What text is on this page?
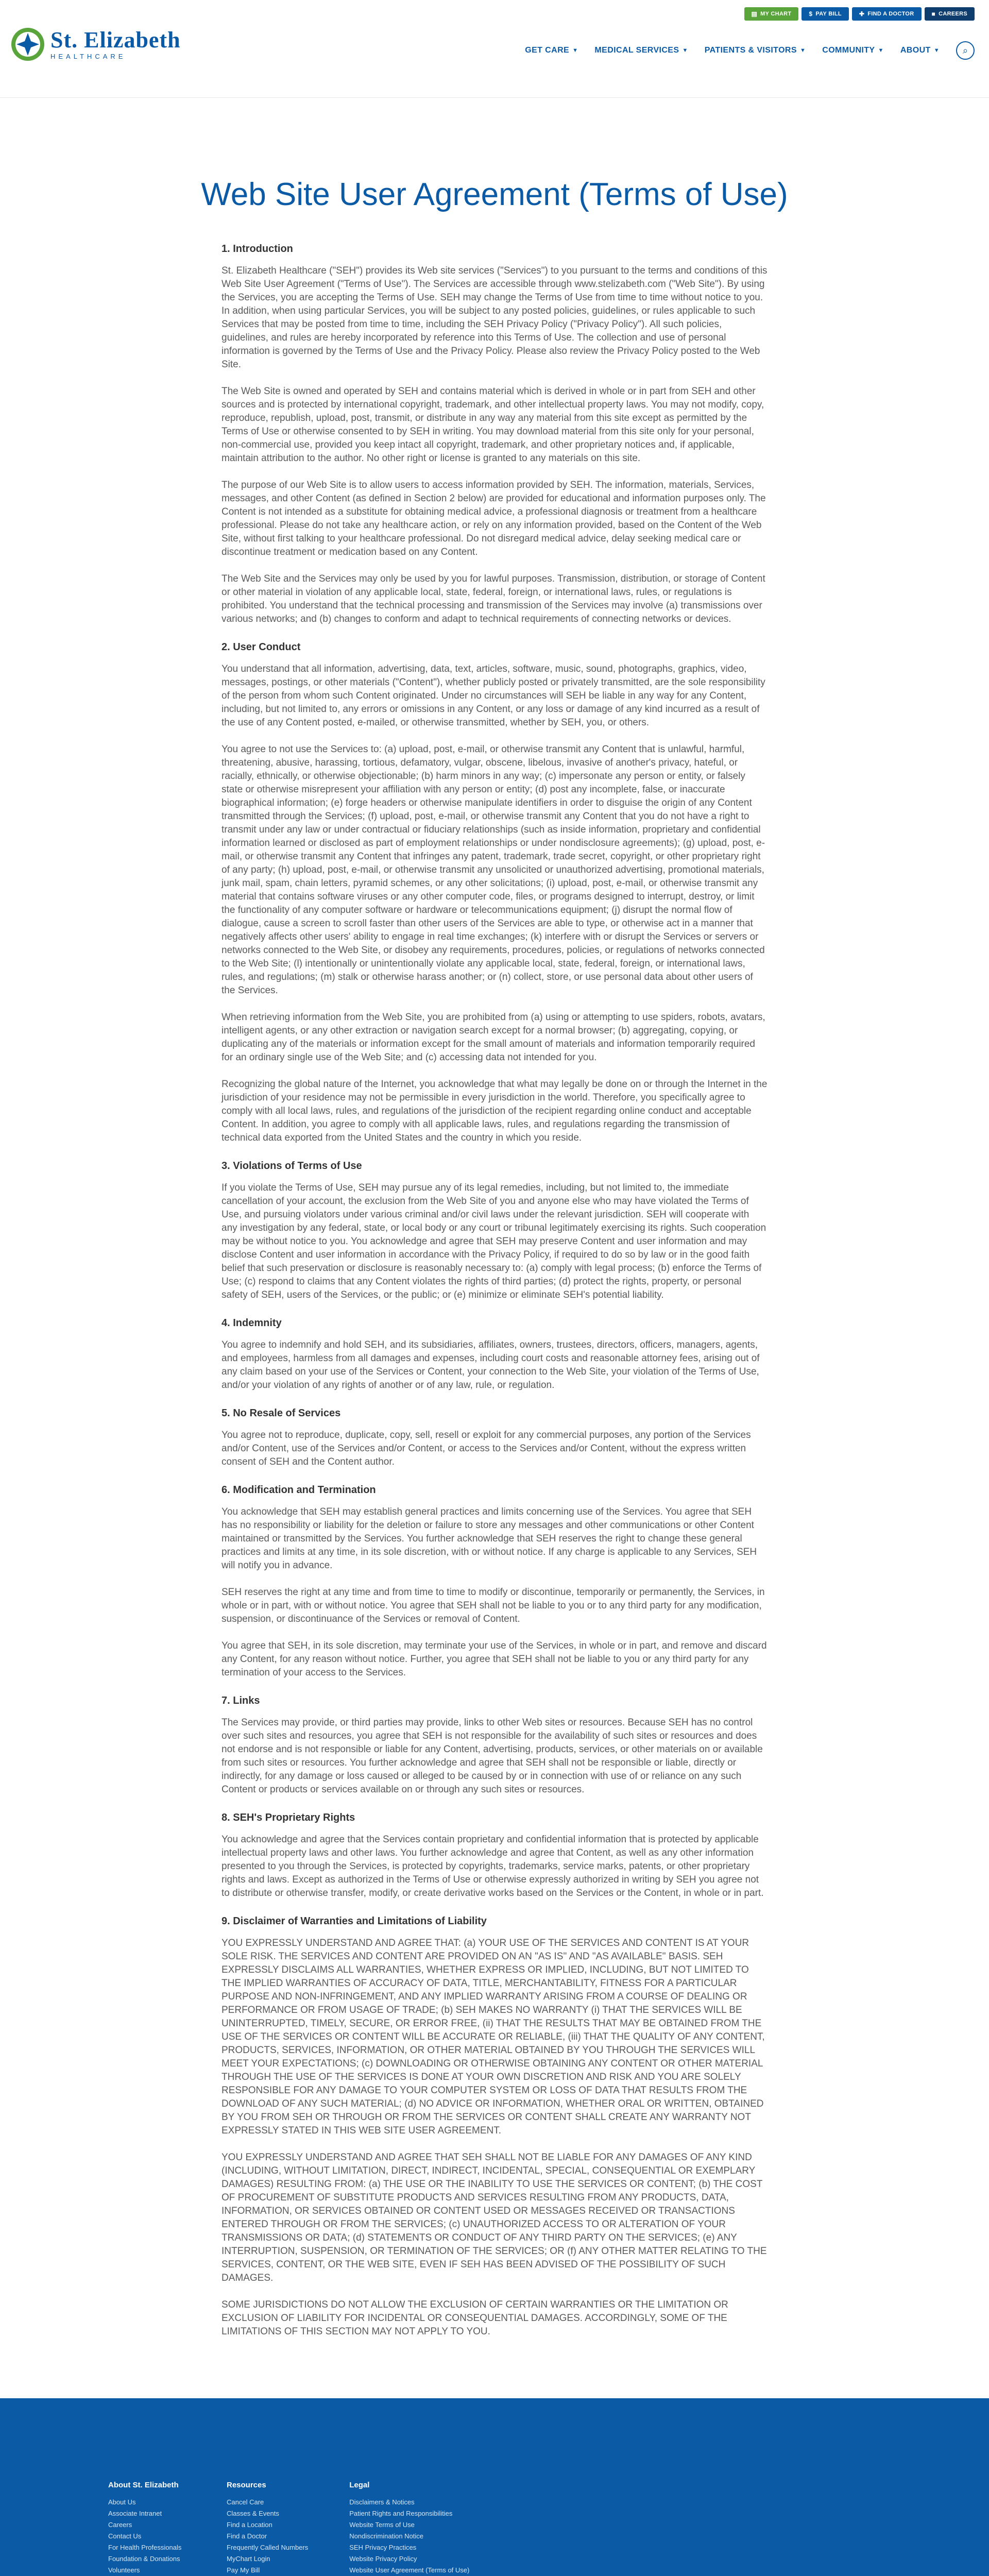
St. Elizabeth
HEALTHCARE
▤ MY CHART	$ PAY BILL	✚ FIND A DOCTOR	■ CAREERS
GET CARE ▼ MEDICAL SERVICES ▼ PATIENTS & VISITORS ▼ COMMUNITY ▼ ABOUT ▼ ⌕
Web Site User Agreement (Terms of Use)
1. Introduction

St. Elizabeth Healthcare ("SEH") provides its Web site services ("Services") to you pursuant to the terms and conditions of this Web Site User Agreement ("Terms of Use"). The Services are accessible through www.stelizabeth.com ("Web Site"). By using the Services, you are accepting the Terms of Use. SEH may change the Terms of Use from time to time without notice to you. In addition, when using particular Services, you will be subject to any posted policies, guidelines, or rules applicable to such Services that may be posted from time to time, including the SEH Privacy Policy ("Privacy Policy"). All such policies, guidelines, and rules are hereby incorporated by reference into this Terms of Use. The collection and use of personal information is governed by the Terms of Use and the Privacy Policy. Please also review the Privacy Policy posted to the Web Site.

The Web Site is owned and operated by SEH and contains material which is derived in whole or in part from SEH and other sources and is protected by international copyright, trademark, and other intellectual property laws. You may not modify, copy, reproduce, republish, upload, post, transmit, or distribute in any way any material from this site except as permitted by the Terms of Use or otherwise consented to by SEH in writing. You may download material from this site only for your personal, non-commercial use, provided you keep intact all copyright, trademark, and other proprietary notices and, if applicable, maintain attribution to the author. No other right or license is granted to any materials on this site.

The purpose of our Web Site is to allow users to access information provided by SEH. The information, materials, Services, messages, and other Content (as defined in Section 2 below) are provided for educational and information purposes only. The Content is not intended as a substitute for obtaining medical advice, a professional diagnosis or treatment from a healthcare professional. Please do not take any healthcare action, or rely on any information provided, based on the Content of the Web Site, without first talking to your healthcare professional. Do not disregard medical advice, delay seeking medical care or discontinue treatment or medication based on any Content.

The Web Site and the Services may only be used by you for lawful purposes. Transmission, distribution, or storage of Content or other material in violation of any applicable local, state, federal, foreign, or international laws, rules, or regulations is prohibited. You understand that the technical processing and transmission of the Services may involve (a) transmissions over various networks; and (b) changes to conform and adapt to technical requirements of connecting networks or devices.

2. User Conduct

You understand that all information, advertising, data, text, articles, software, music, sound, photographs, graphics, video, messages, postings, or other materials ("Content"), whether publicly posted or privately transmitted, are the sole responsibility of the person from whom such Content originated. Under no circumstances will SEH be liable in any way for any Content, including, but not limited to, any errors or omissions in any Content, or any loss or damage of any kind incurred as a result of the use of any Content posted, e-mailed, or otherwise transmitted, whether by SEH, you, or others.

You agree to not use the Services to: (a) upload, post, e-mail, or otherwise transmit any Content that is unlawful, harmful, threatening, abusive, harassing, tortious, defamatory, vulgar, obscene, libelous, invasive of another's privacy, hateful, or racially, ethnically, or otherwise objectionable; (b) harm minors in any way; (c) impersonate any person or entity, or falsely state or otherwise misrepresent your affiliation with any person or entity; (d) post any incomplete, false, or inaccurate biographical information; (e) forge headers or otherwise manipulate identifiers in order to disguise the origin of any Content transmitted through the Services; (f) upload, post, e-mail, or otherwise transmit any Content that you do not have a right to transmit under any law or under contractual or fiduciary relationships (such as inside information, proprietary and confidential information learned or disclosed as part of employment relationships or under nondisclosure agreements); (g) upload, post, e-mail, or otherwise transmit any Content that infringes any patent, trademark, trade secret, copyright, or other proprietary right of any party; (h) upload, post, e-mail, or otherwise transmit any unsolicited or unauthorized advertising, promotional materials, junk mail, spam, chain letters, pyramid schemes, or any other solicitations; (i) upload, post, e-mail, or otherwise transmit any material that contains software viruses or any other computer code, files, or programs designed to interrupt, destroy, or limit the functionality of any computer software or hardware or telecommunications equipment; (j) disrupt the normal flow of dialogue, cause a screen to scroll faster than other users of the Services are able to type, or otherwise act in a manner that negatively affects other users' ability to engage in real time exchanges; (k) interfere with or disrupt the Services or servers or networks connected to the Web Site, or disobey any requirements, procedures, policies, or regulations of networks connected to the Web Site; (l) intentionally or unintentionally violate any applicable local, state, federal, foreign, or international laws, rules, and regulations; (m) stalk or otherwise harass another; or (n) collect, store, or use personal data about other users of the Services.

When retrieving information from the Web Site, you are prohibited from (a) using or attempting to use spiders, robots, avatars, intelligent agents, or any other extraction or navigation search except for a normal browser; (b) aggregating, copying, or duplicating any of the materials or information except for the small amount of materials and information temporarily required for an ordinary single use of the Web Site; and (c) accessing data not intended for you.

Recognizing the global nature of the Internet, you acknowledge that what may legally be done on or through the Internet in the jurisdiction of your residence may not be permissible in every jurisdiction in the world. Therefore, you specifically agree to comply with all local laws, rules, and regulations of the jurisdiction of the recipient regarding online conduct and acceptable Content. In addition, you agree to comply with all applicable laws, rules, and regulations regarding the transmission of technical data exported from the United States and the country in which you reside.

3. Violations of Terms of Use

If you violate the Terms of Use, SEH may pursue any of its legal remedies, including, but not limited to, the immediate cancellation of your account, the exclusion from the Web Site of you and anyone else who may have violated the Terms of Use, and pursuing violators under various criminal and/or civil laws under the relevant jurisdiction. SEH will cooperate with any investigation by any federal, state, or local body or any court or tribunal legitimately exercising its rights. Such cooperation may be without notice to you. You acknowledge and agree that SEH may preserve Content and user information and may disclose Content and user information in accordance with the Privacy Policy, if required to do so by law or in the good faith belief that such preservation or disclosure is reasonably necessary to: (a) comply with legal process; (b) enforce the Terms of Use; (c) respond to claims that any Content violates the rights of third parties; (d) protect the rights, property, or personal safety of SEH, users of the Services, or the public; or (e) minimize or eliminate SEH's potential liability.

4. Indemnity

You agree to indemnify and hold SEH, and its subsidiaries, affiliates, owners, trustees, directors, officers, managers, agents, and employees, harmless from all damages and expenses, including court costs and reasonable attorney fees, arising out of any claim based on your use of the Services or Content, your connection to the Web Site, your violation of the Terms of Use, and/or your violation of any rights of another or of any law, rule, or regulation.

5. No Resale of Services

You agree not to reproduce, duplicate, copy, sell, resell or exploit for any commercial purposes, any portion of the Services and/or Content, use of the Services and/or Content, or access to the Services and/or Content, without the express written consent of SEH and the Content author.

6. Modification and Termination

You acknowledge that SEH may establish general practices and limits concerning use of the Services. You agree that SEH has no responsibility or liability for the deletion or failure to store any messages and other communications or other Content maintained or transmitted by the Services. You further acknowledge that SEH reserves the right to change these general practices and limits at any time, in its sole discretion, with or without notice. If any charge is applicable to any Services, SEH will notify you in advance.

SEH reserves the right at any time and from time to time to modify or discontinue, temporarily or permanently, the Services, in whole or in part, with or without notice. You agree that SEH shall not be liable to you or to any third party for any modification, suspension, or discontinuance of the Services or removal of Content.

You agree that SEH, in its sole discretion, may terminate your use of the Services, in whole or in part, and remove and discard any Content, for any reason without notice. Further, you agree that SEH shall not be liable to you or any third party for any termination of your access to the Services.

7. Links

The Services may provide, or third parties may provide, links to other Web sites or resources. Because SEH has no control over such sites and resources, you agree that SEH is not responsible for the availability of such sites or resources and does not endorse and is not responsible or liable for any Content, advertising, products, services, or other materials on or available from such sites or resources. You further acknowledge and agree that SEH shall not be responsible or liable, directly or indirectly, for any damage or loss caused or alleged to be caused by or in connection with use of or reliance on any such Content or products or services available on or through any such sites or resources.

8. SEH's Proprietary Rights

You acknowledge and agree that the Services contain proprietary and confidential information that is protected by applicable intellectual property laws and other laws. You further acknowledge and agree that Content, as well as any other information presented to you through the Services, is protected by copyrights, trademarks, service marks, patents, or other proprietary rights and laws. Except as authorized in the Terms of Use or otherwise expressly authorized in writing by SEH you agree not to distribute or otherwise transfer, modify, or create derivative works based on the Services or the Content, in whole or in part.

9. Disclaimer of Warranties and Limitations of Liability

YOU EXPRESSLY UNDERSTAND AND AGREE THAT: (a) YOUR USE OF THE SERVICES AND CONTENT IS AT YOUR SOLE RISK. THE SERVICES AND CONTENT ARE PROVIDED ON AN "AS IS" AND "AS AVAILABLE" BASIS. SEH EXPRESSLY DISCLAIMS ALL WARRANTIES, WHETHER EXPRESS OR IMPLIED, INCLUDING, BUT NOT LIMITED TO THE IMPLIED WARRANTIES OF ACCURACY OF DATA, TITLE, MERCHANTABILITY, FITNESS FOR A PARTICULAR PURPOSE AND NON-INFRINGEMENT, AND ANY IMPLIED WARRANTY ARISING FROM A COURSE OF DEALING OR PERFORMANCE OR FROM USAGE OF TRADE; (b) SEH MAKES NO WARRANTY (i) THAT THE SERVICES WILL BE UNINTERRUPTED, TIMELY, SECURE, OR ERROR FREE, (ii) THAT THE RESULTS THAT MAY BE OBTAINED FROM THE USE OF THE SERVICES OR CONTENT WILL BE ACCURATE OR RELIABLE, (iii) THAT THE QUALITY OF ANY CONTENT, PRODUCTS, SERVICES, INFORMATION, OR OTHER MATERIAL OBTAINED BY YOU THROUGH THE SERVICES WILL MEET YOUR EXPECTATIONS; (c) DOWNLOADING OR OTHERWISE OBTAINING ANY CONTENT OR OTHER MATERIAL THROUGH THE USE OF THE SERVICES IS DONE AT YOUR OWN DISCRETION AND RISK AND YOU ARE SOLELY RESPONSIBLE FOR ANY DAMAGE TO YOUR COMPUTER SYSTEM OR LOSS OF DATA THAT RESULTS FROM THE DOWNLOAD OF ANY SUCH MATERIAL; (d) NO ADVICE OR INFORMATION, WHETHER ORAL OR WRITTEN, OBTAINED BY YOU FROM SEH OR THROUGH OR FROM THE SERVICES OR CONTENT SHALL CREATE ANY WARRANTY NOT EXPRESSLY STATED IN THIS WEB SITE USER AGREEMENT.

YOU EXPRESSLY UNDERSTAND AND AGREE THAT SEH SHALL NOT BE LIABLE FOR ANY DAMAGES OF ANY KIND (INCLUDING, WITHOUT LIMITATION, DIRECT, INDIRECT, INCIDENTAL, SPECIAL, CONSEQUENTIAL OR EXEMPLARY DAMAGES) RESULTING FROM: (a) THE USE OR THE INABILITY TO USE THE SERVICES OR CONTENT; (b) THE COST OF PROCUREMENT OF SUBSTITUTE PRODUCTS AND SERVICES RESULTING FROM ANY PRODUCTS, DATA, INFORMATION, OR SERVICES OBTAINED OR CONTENT USED OR MESSAGES RECEIVED OR TRANSACTIONS ENTERED THROUGH OR FROM THE SERVICES; (c) UNAUTHORIZED ACCESS TO OR ALTERATION OF YOUR TRANSMISSIONS OR DATA; (d) STATEMENTS OR CONDUCT OF ANY THIRD PARTY ON THE SERVICES; (e) ANY INTERRUPTION, SUSPENSION, OR TERMINATION OF THE SERVICES; OR (f) ANY OTHER MATTER RELATING TO THE SERVICES, CONTENT, OR THE WEB SITE, EVEN IF SEH HAS BEEN ADVISED OF THE POSSIBILITY OF SUCH DAMAGES.

SOME JURISDICTIONS DO NOT ALLOW THE EXCLUSION OF CERTAIN WARRANTIES OR THE LIMITATION OR EXCLUSION OF LIABILITY FOR INCIDENTAL OR CONSEQUENTIAL DAMAGES. ACCORDINGLY, SOME OF THE LIMITATIONS OF THIS SECTION MAY NOT APPLY TO YOU.

About St. Elizabeth
About Us
Associate Intranet
Careers
Contact Us
For Health Professionals
Foundation & Donations
Volunteers
Resources
Cancel Care
Classes & Events
Find a Location
Find a Doctor
Frequently Called Numbers
MyChart Login
Pay My Bill
Legal
Disclaimers & Notices
Patient Rights and Responsibilities
Website Terms of Use
Nondiscrimination Notice
SEH Privacy Practices
Website Privacy Policy
Website User Agreement (Terms of Use)
